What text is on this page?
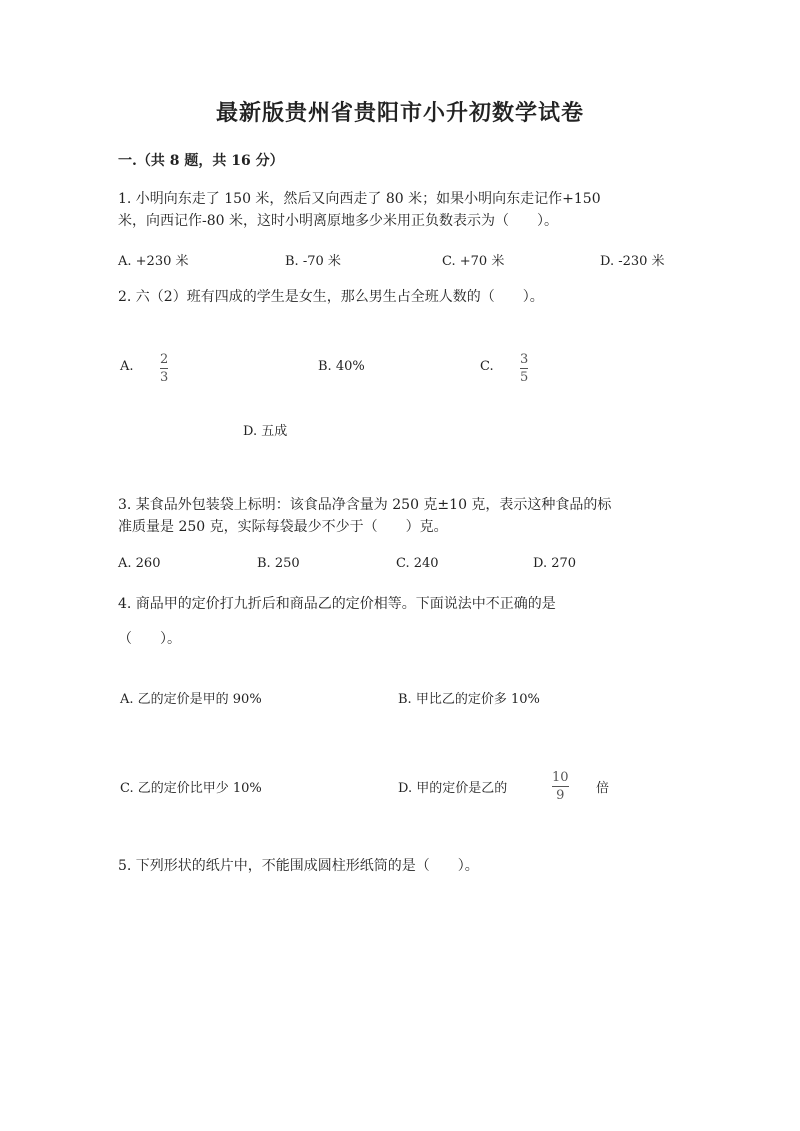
最新版贵州省贵阳市小升初数学试卷
一.（共 8 题，共 16 分）
1. 小明向东走了 150 米，然后又向西走了 80 米；如果小明向东走记作+150
米，向西记作-80 米，这时小明离原地多少米用正负数表示为（　　）。
A. +230 米	B. -70 米	C. +70 米	D. -230 米
2. 六（2）班有四成的学生是女生，那么男生占全班人数的（　　）。
A. 2
3
B. 40%	C. 3
5
D. 五成
3. 某食品外包装袋上标明：该食品净含量为 250 克±10 克，表示这种食品的标
准质量是 250 克，实际每袋最少不少于（　　）克。
A. 260	B. 250	C. 240	D. 270
4. 商品甲的定价打九折后和商品乙的定价相等。下面说法中不正确的是
（　　）。
A. 乙的定价是甲的 90%	B. 甲比乙的定价多 10%
C. 乙的定价比甲少 10%	D. 甲的定价是乙的
10
9 倍
5. 下列形状的纸片中，不能围成圆柱形纸筒的是（　　）。
